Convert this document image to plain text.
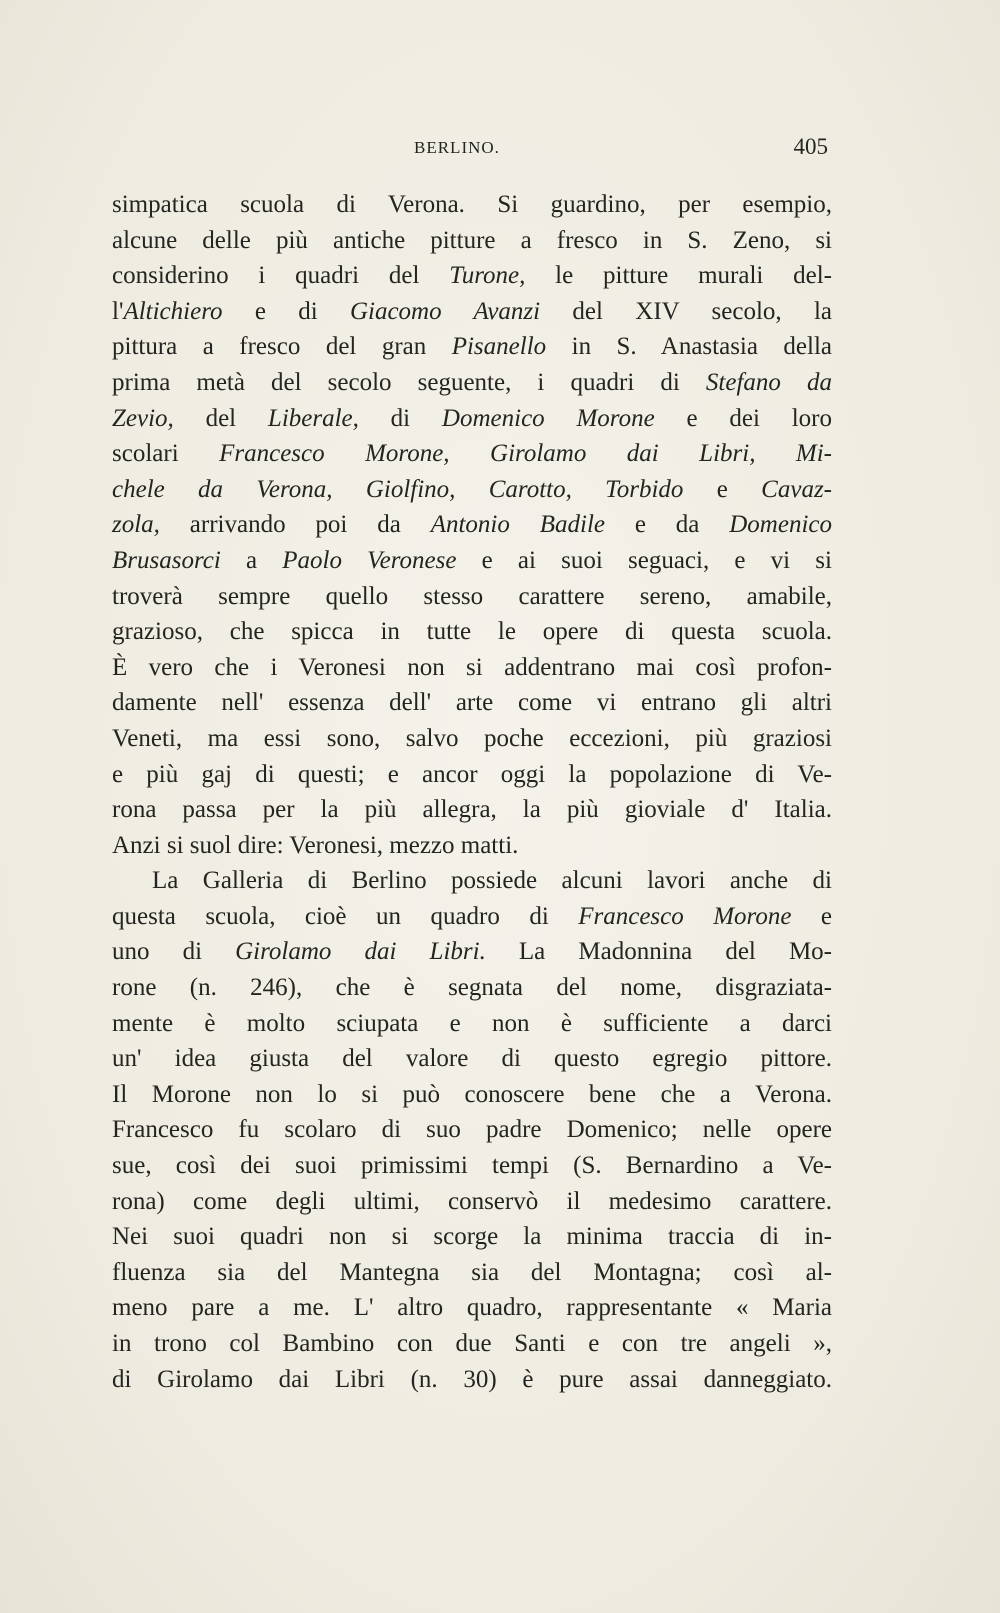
BERLINO.	405
simpatica scuola di Verona. Si guardino, per esempio,
alcune delle più antiche pitture a fresco in S. Zeno, si
considerino i quadri del Turone, le pitture murali del-
l'Altichiero e di Giacomo Avanzi del XIV secolo, la
pittura a fresco del gran Pisanello in S. Anastasia della
prima metà del secolo seguente, i quadri di Stefano da
Zevio, del Liberale, di Domenico Morone e dei loro
scolari Francesco Morone, Girolamo dai Libri, Mi-
chele da Verona, Giolfino, Carotto, Torbido e Cavaz-
zola, arrivando poi da Antonio Badile e da Domenico
Brusasorci a Paolo Veronese e ai suoi seguaci, e vi si
troverà sempre quello stesso carattere sereno, amabile,
grazioso, che spicca in tutte le opere di questa scuola.
È vero che i Veronesi non si addentrano mai così profon-
damente nell' essenza dell' arte come vi entrano gli altri
Veneti, ma essi sono, salvo poche eccezioni, più graziosi
e più gaj di questi; e ancor oggi la popolazione di Ve-
rona passa per la più allegra, la più gioviale d' Italia.
Anzi si suol dire: Veronesi, mezzo matti.
La Galleria di Berlino possiede alcuni lavori anche di
questa scuola, cioè un quadro di Francesco Morone e
uno di Girolamo dai Libri. La Madonnina del Mo-
rone (n. 246), che è segnata del nome, disgraziata-
mente è molto sciupata e non è sufficiente a darci
un' idea giusta del valore di questo egregio pittore.
Il Morone non lo si può conoscere bene che a Verona.
Francesco fu scolaro di suo padre Domenico; nelle opere
sue, così dei suoi primissimi tempi (S. Bernardino a Ve-
rona) come degli ultimi, conservò il medesimo carattere.
Nei suoi quadri non si scorge la minima traccia di in-
fluenza sia del Mantegna sia del Montagna; così al-
meno pare a me. L' altro quadro, rappresentante « Maria
in trono col Bambino con due Santi e con tre angeli »,
di Girolamo dai Libri (n. 30) è pure assai danneggiato.
